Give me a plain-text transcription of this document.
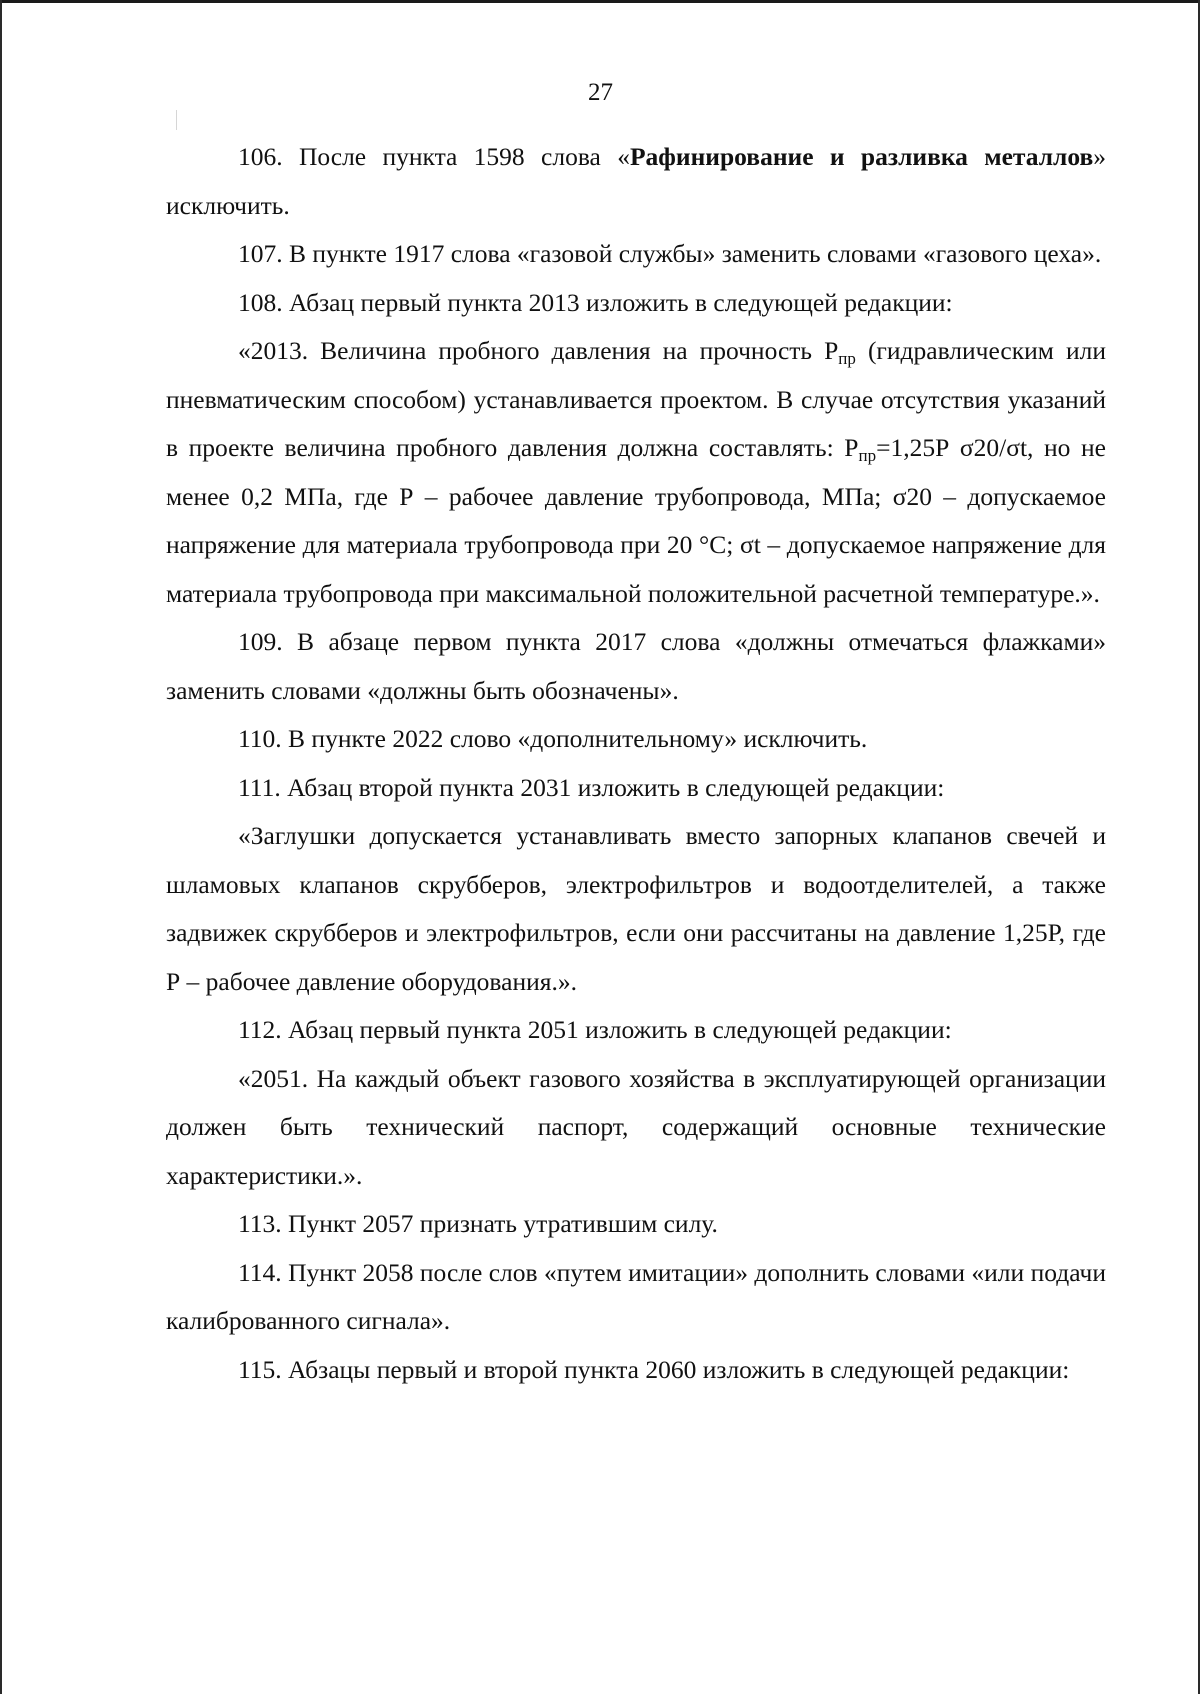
27

106. После пункта 1598 слова «Рафинирование и разливка металлов» исключить.

107. В пункте 1917 слова «газовой службы» заменить словами «газового цеха».

108. Абзац первый пункта 2013 изложить в следующей редакции:

«2013. Величина пробного давления на прочность $Р_{пр}$ (гидравлическим или пневматическим способом) устанавливается проектом. В случае отсутствия указаний в проекте величина пробного давления должна составлять: $Р_{пр}=1,25Р$ σ20/σt, но не менее 0,2 МПа, где Р – рабочее давление трубопровода, МПа; σ20 – допускаемое напряжение для материала трубопровода при 20 °С; σt – допускаемое напряжение для материала трубопровода при максимальной положительной расчетной температуре.».

109. В абзаце первом пункта 2017 слова «должны отмечаться флажками» заменить словами «должны быть обозначены».

110. В пункте 2022 слово «дополнительному» исключить.

111. Абзац второй пункта 2031 изложить в следующей редакции:

«Заглушки допускается устанавливать вместо запорных клапанов свечей и шламовых клапанов скрубберов, электрофильтров и водоотделителей, а также задвижек скрубберов и электрофильтров, если они рассчитаны на давление 1,25Р, где Р – рабочее давление оборудования.».

112. Абзац первый пункта 2051 изложить в следующей редакции:

«2051. На каждый объект газового хозяйства в эксплуатирующей организации должен быть технический паспорт, содержащий основные технические характеристики.».

113. Пункт 2057 признать утратившим силу.

114. Пункт 2058 после слов «путем имитации» дополнить словами «или подачи калиброванного сигнала».

115. Абзацы первый и второй пункта 2060 изложить в следующей редакции:
